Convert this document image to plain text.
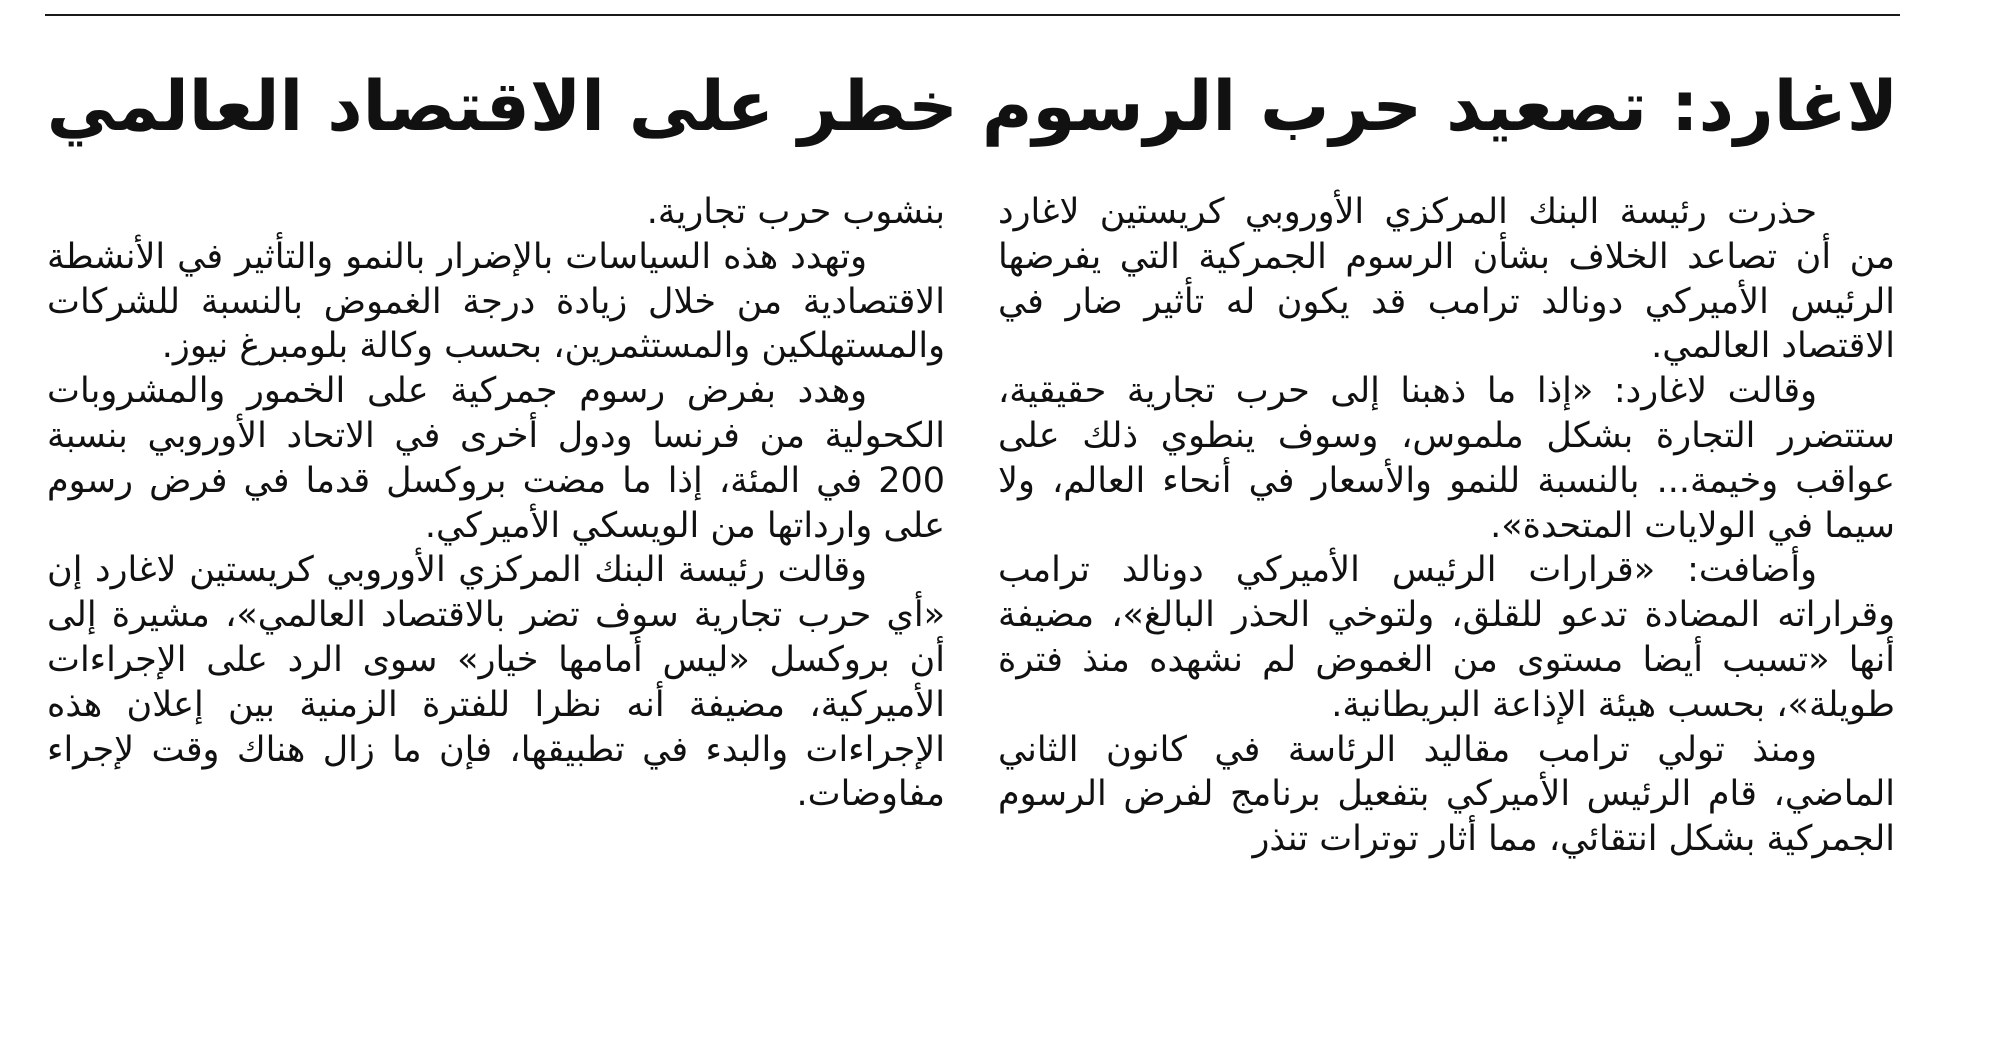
لاغارد: تصعيد حرب الرسوم خطر على الاقتصاد العالمي

حذرت رئيسة البنك المركزي الأوروبي كريستين لاغارد من أن تصاعد الخلاف بشأن الرسوم الجمركية التي يفرضها الرئيس الأميركي دونالد ترامب قد يكون له تأثير ضار في الاقتصاد العالمي.

وقالت لاغارد: «إذا ما ذهبنا إلى حرب تجارية حقيقية، ستتضرر التجارة بشكل ملموس، وسوف ينطوي ذلك على عواقب وخيمة... بالنسبة للنمو والأسعار في أنحاء العالم، ولا سيما في الولايات المتحدة».

وأضافت: «قرارات الرئيس الأميركي دونالد ترامب وقراراته المضادة تدعو للقلق، ولتوخي الحذر البالغ»، مضيفة أنها «تسبب أيضا مستوى من الغموض لم نشهده منذ فترة طويلة»، بحسب هيئة الإذاعة البريطانية.

ومنذ تولي ترامب مقاليد الرئاسة في كانون الثاني الماضي، قام الرئيس الأميركي بتفعيل برنامج لفرض الرسوم الجمركية بشكل انتقائي، مما أثار توترات تنذر

بنشوب حرب تجارية.

وتهدد هذه السياسات بالإضرار بالنمو والتأثير في الأنشطة الاقتصادية من خلال زيادة درجة الغموض بالنسبة للشركات والمستهلكين والمستثمرين، بحسب وكالة بلومبرغ نيوز.

وهدد بفرض رسوم جمركية على الخمور والمشروبات الكحولية من فرنسا ودول أخرى في الاتحاد الأوروبي بنسبة 200 في المئة، إذا ما مضت بروكسل قدما في فرض رسوم على وارداتها من الويسكي الأميركي.

وقالت رئيسة البنك المركزي الأوروبي كريستين لاغارد إن «أي حرب تجارية سوف تضر بالاقتصاد العالمي»، مشيرة إلى أن بروكسل «ليس أمامها خيار» سوى الرد على الإجراءات الأميركية، مضيفة أنه نظرا للفترة الزمنية بين إعلان هذه الإجراءات والبدء في تطبيقها، فإن ما زال هناك وقت لإجراء مفاوضات.
